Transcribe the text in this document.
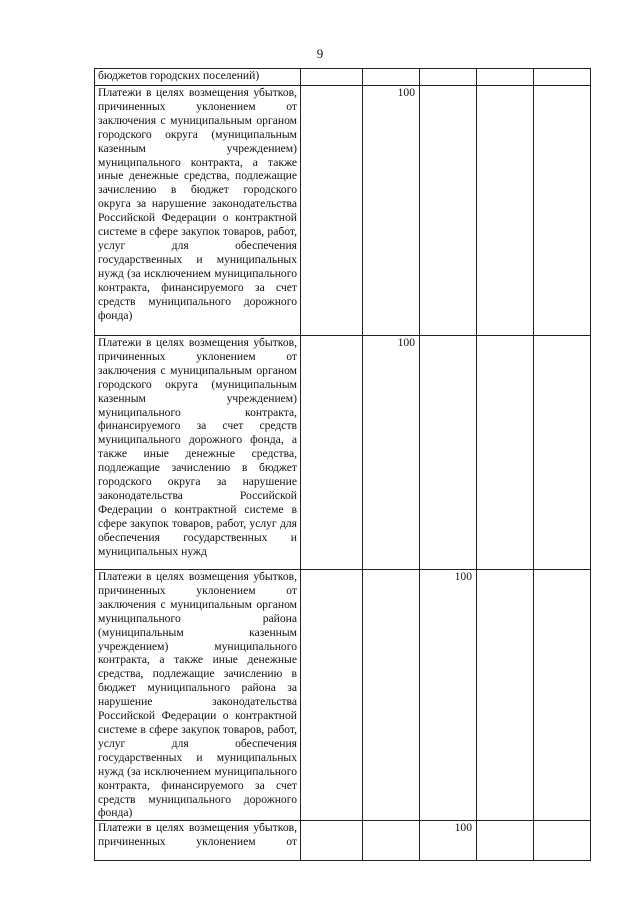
9
бюджетов городских поселений)					
Платежи в целях возмещения убытков, причиненных уклонением от заключения с муниципальным органом городского округа (муниципальным казенным учреждением) муниципального контракта, а также иные денежные средства, подлежащие зачислению в бюджет городского округа за нарушение законодательства Российской Федерации о контрактной системе в сфере закупок товаров, работ, услуг для обеспечения государственных и муниципальных нужд (за исключением муниципального контракта, финансируемого за счет средств муниципального дорожного фонда)		100			
Платежи в целях возмещения убытков, причиненных уклонением от заключения с муниципальным органом городского округа (муниципальным казенным учреждением) муниципального контракта, финансируемого за счет средств муниципального дорожного фонда, а также иные денежные средства, подлежащие зачислению в бюджет городского округа за нарушение законодательства Российской Федерации о контрактной системе в сфере закупок товаров, работ, услуг для обеспечения государственных и муниципальных нужд		100			
Платежи в целях возмещения убытков, причиненных уклонением от заключения с муниципальным органом муниципального района (муниципальным казенным учреждением) муниципального контракта, а также иные денежные средства, подлежащие зачислению в бюджет муниципального района за нарушение законодательства Российской Федерации о контрактной системе в сфере закупок товаров, работ, услуг для обеспечения государственных и муниципальных нужд (за исключением муниципального контракта, финансируемого за счет средств муниципального дорожного фонда)			100		
Платежи в целях возмещения убытков, причиненных уклонением от			100		
